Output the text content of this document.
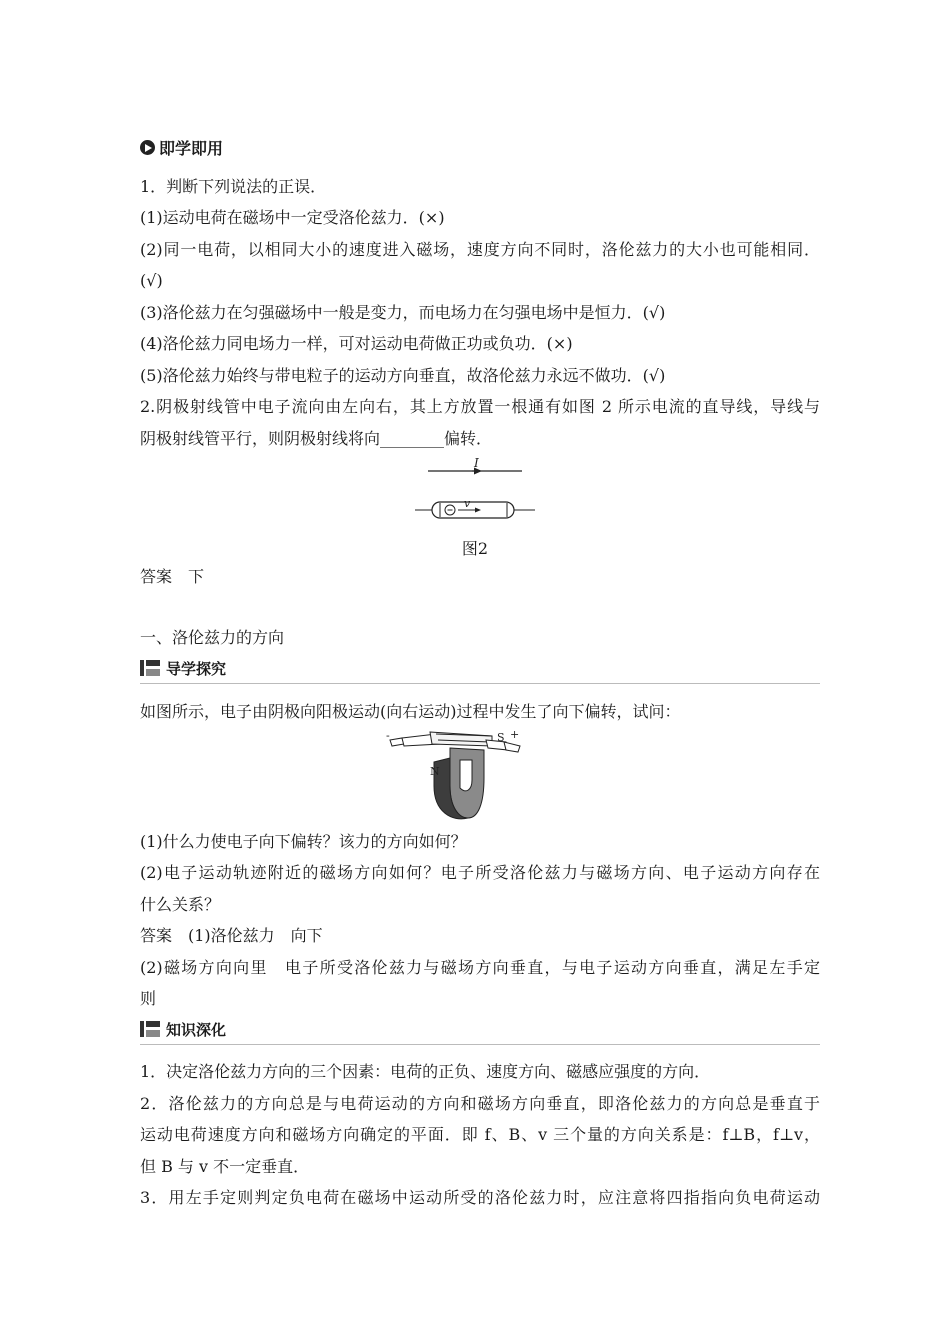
即学即用
1．判断下列说法的正误．
(1)运动电荷在磁场中一定受洛伦兹力．(×)
(2)同一电荷，以相同大小的速度进入磁场，速度方向不同时，洛伦兹力的大小也可能相同．
(√)
(3)洛伦兹力在匀强磁场中一般是变力，而电场力在匀强电场中是恒力．(√)
(4)洛伦兹力同电场力一样，可对运动电荷做正功或负功．(×)
(5)洛伦兹力始终与带电粒子的运动方向垂直，故洛伦兹力永远不做功．(√)
2.阴极射线管中电子流向由左向右，其上方放置一根通有如图 2 所示电流的直导线，导线与
阴极射线管平行，则阴极射线将向________偏转．
I
v
图2
答案　下
一、洛伦兹力的方向
导学探究
如图所示，电子由阴极向阳极运动(向右运动)过程中发生了向下偏转，试问：
-	S +
N
(1)什么力使电子向下偏转？该力的方向如何？
(2)电子运动轨迹附近的磁场方向如何？电子所受洛伦兹力与磁场方向、电子运动方向存在
什么关系？
答案　(1)洛伦兹力　向下
(2)磁场方向向里　电子所受洛伦兹力与磁场方向垂直，与电子运动方向垂直，满足左手定
则
知识深化
1．决定洛伦兹力方向的三个因素：电荷的正负、速度方向、磁感应强度的方向．
2．洛伦兹力的方向总是与电荷运动的方向和磁场方向垂直，即洛伦兹力的方向总是垂直于
运动电荷速度方向和磁场方向确定的平面．即 f、B、v 三个量的方向关系是：f⊥B，f⊥v，
但 B 与 v 不一定垂直．
3．用左手定则判定负电荷在磁场中运动所受的洛伦兹力时，应注意将四指指向负电荷运动
